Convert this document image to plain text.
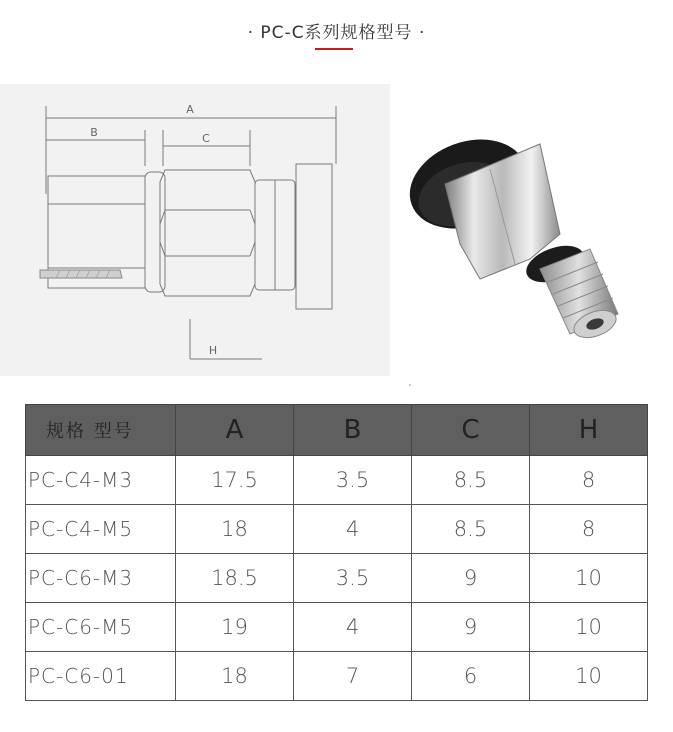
· PC-C系列规格型号 ·
A
B	C
H
规格 型号	A	B	C	H
PC-C4-M3	17.5	3.5	8.5	8
PC-C4-M5	18	4	8.5	8
PC-C6-M3	18.5	3.5	9	10
PC-C6-M5	19	4	9	10
PC-C6-01	18	7	6	10
